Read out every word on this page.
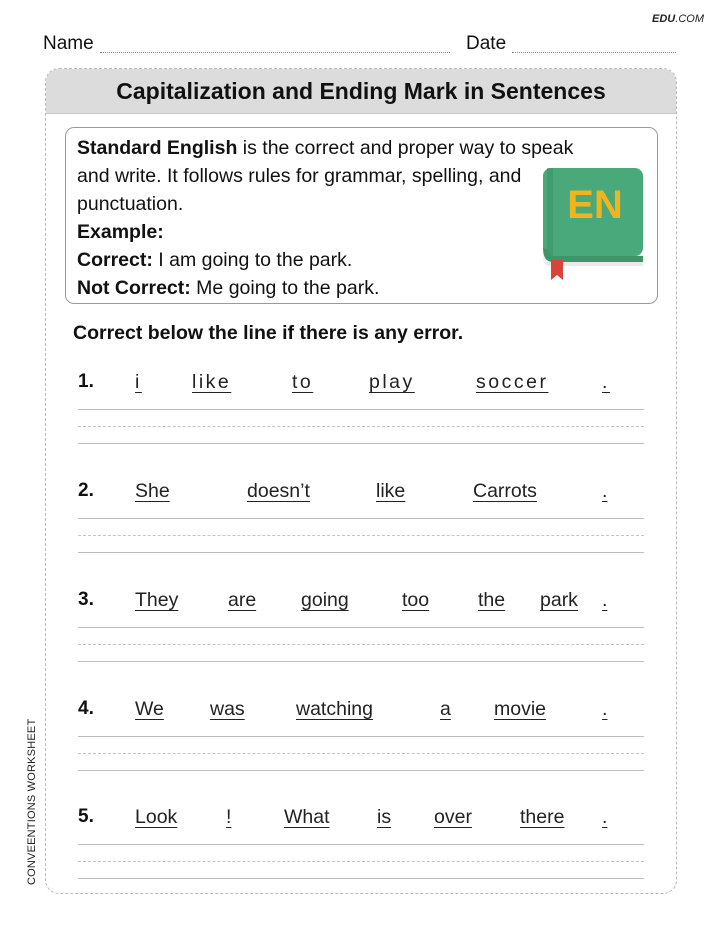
EDU.COM
Name	Date
CONVEENTIONS WORKSHEET
Capitalization and Ending Mark in Sentences
Standard English is the correct and proper way to speak and write. It follows rules for grammar, spelling, and punctuation.
Example:
Correct: I am going to the park.
Not Correct: Me going to the park.
EN
Correct below the line if there is any error.
1. i	like	to	play	soccer	.
2. She	doesn’t	like	Carrots	.
3. They	are going	too	the park .
4. We was	watching	a movie	.
5. Look !	What is over there .
